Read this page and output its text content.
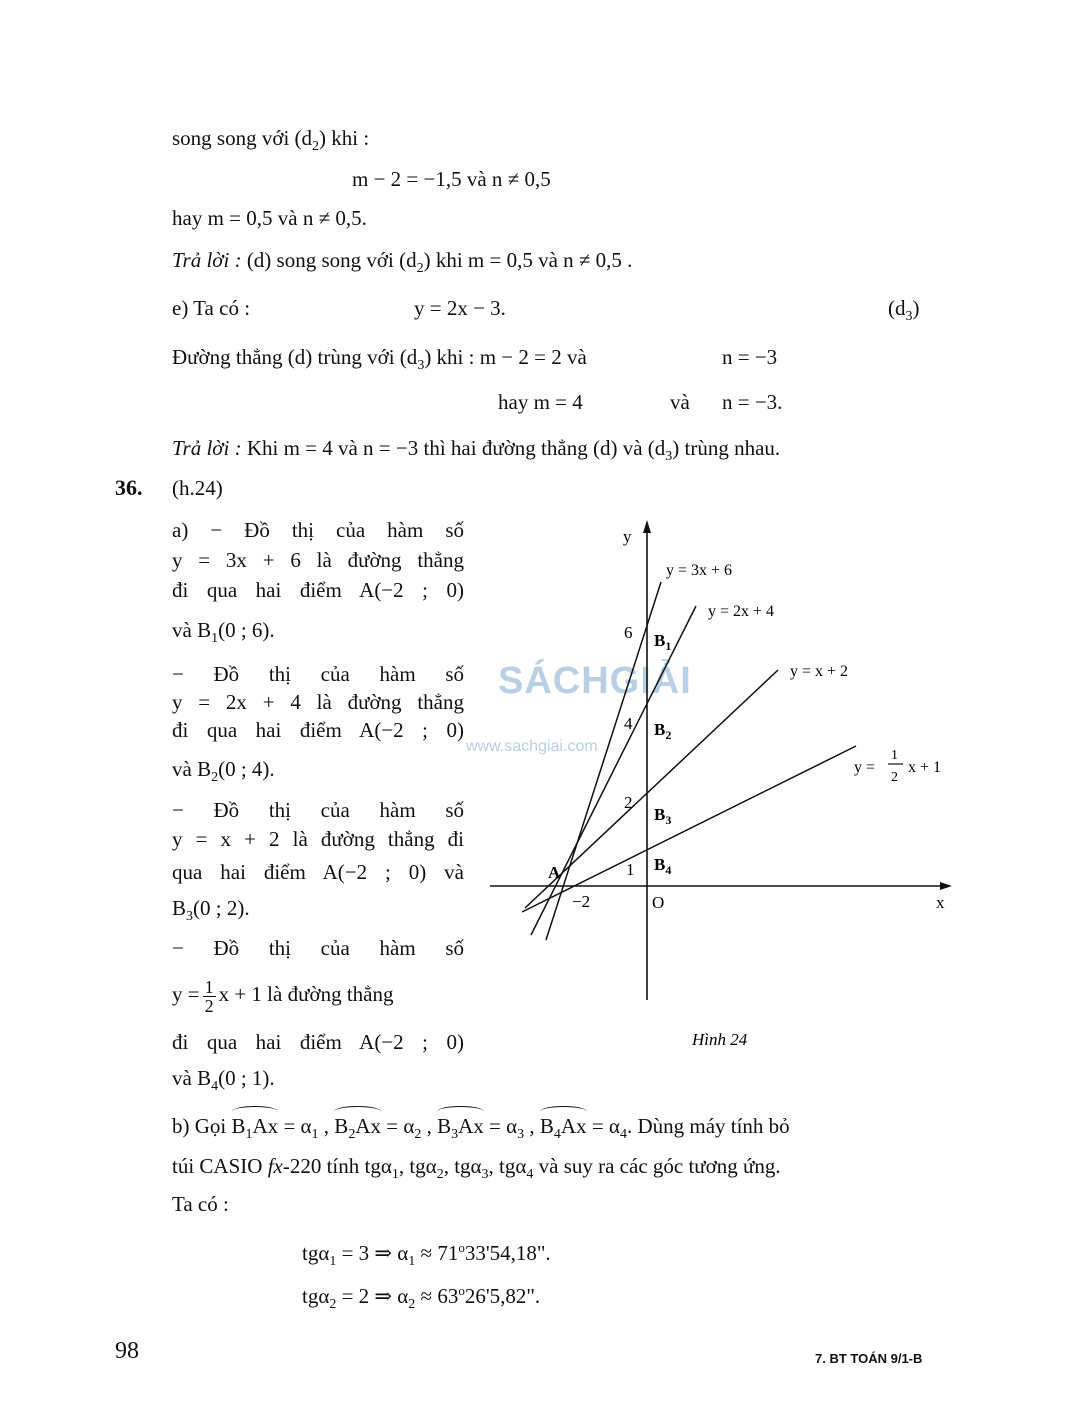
song song với $(d_2)$ khi :
m − 2 = −1,5 và n ≠ 0,5
hay m = 0,5 và n ≠ 0,5.
Trả lời : (d) song song với $(d_2)$ khi m = 0,5 và n ≠ 0,5 .
e) Ta có :	y = 2x − 3.	$(d_3)$
Đường thẳng (d) trùng với $(d_3)$ khi : m − 2 = 2 và	n = −3
hay m = 4	và n = −3.
Trả lời : Khi m = 4 và n = −3 thì hai đường thẳng (d) và $(d_3)$ trùng nhau.
36. (h.24)
a) − Đồ thị của hàm số
y = 3x + 6 là đường thẳng
đi qua hai điểm A(−2 ; 0)
và $B_1(0$ ; 6).
− Đồ thị của hàm số
y = 2x + 4 là đường thẳng
đi qua hai điểm A(−2 ; 0)
và $B_2(0$ ; 4).
− Đồ thị của hàm số
y = x + 2 là đường thẳng đi
qua hai điểm A(−2 ; 0) và
$B_3(0$ ; 2).
− Đồ thị của hàm số
$y = \frac{1}{2}$ x + 1 là đường thẳng
đi qua hai điểm A(−2 ; 0)
và $B_4(0$ ; 1).
SÁCHGIẢI
www.sachgiai.com
y
x
O
−2
6
4
2
1
A
$B_1$
$B_2$
$B_3$
$B_4$
y = 3x + 6
y = 2x + 4
y = x + 2
y =
1
2
x + 1
Hình 24
b) Gọi $B_1Ax = \alpha_1$ , $B_2Ax = \alpha_2$ , $B_3Ax = \alpha_3$ , $B_4Ax = \alpha_4$. Dùng máy tính bỏ
túi CASIO fx-220 tính tgα$_1$, tgα$_2$, tgα$_3$, tgα$_4$ và suy ra các góc tương ứng.
Ta có :
tgα$_1$ = 3 ⇒ $\alpha_1 \approx 71^o33'54,18$".
tgα$_2$ = 2 ⇒ $\alpha_2 \approx 63^o26'5,82$".
98	7. BT TOÁN 9/1-B
